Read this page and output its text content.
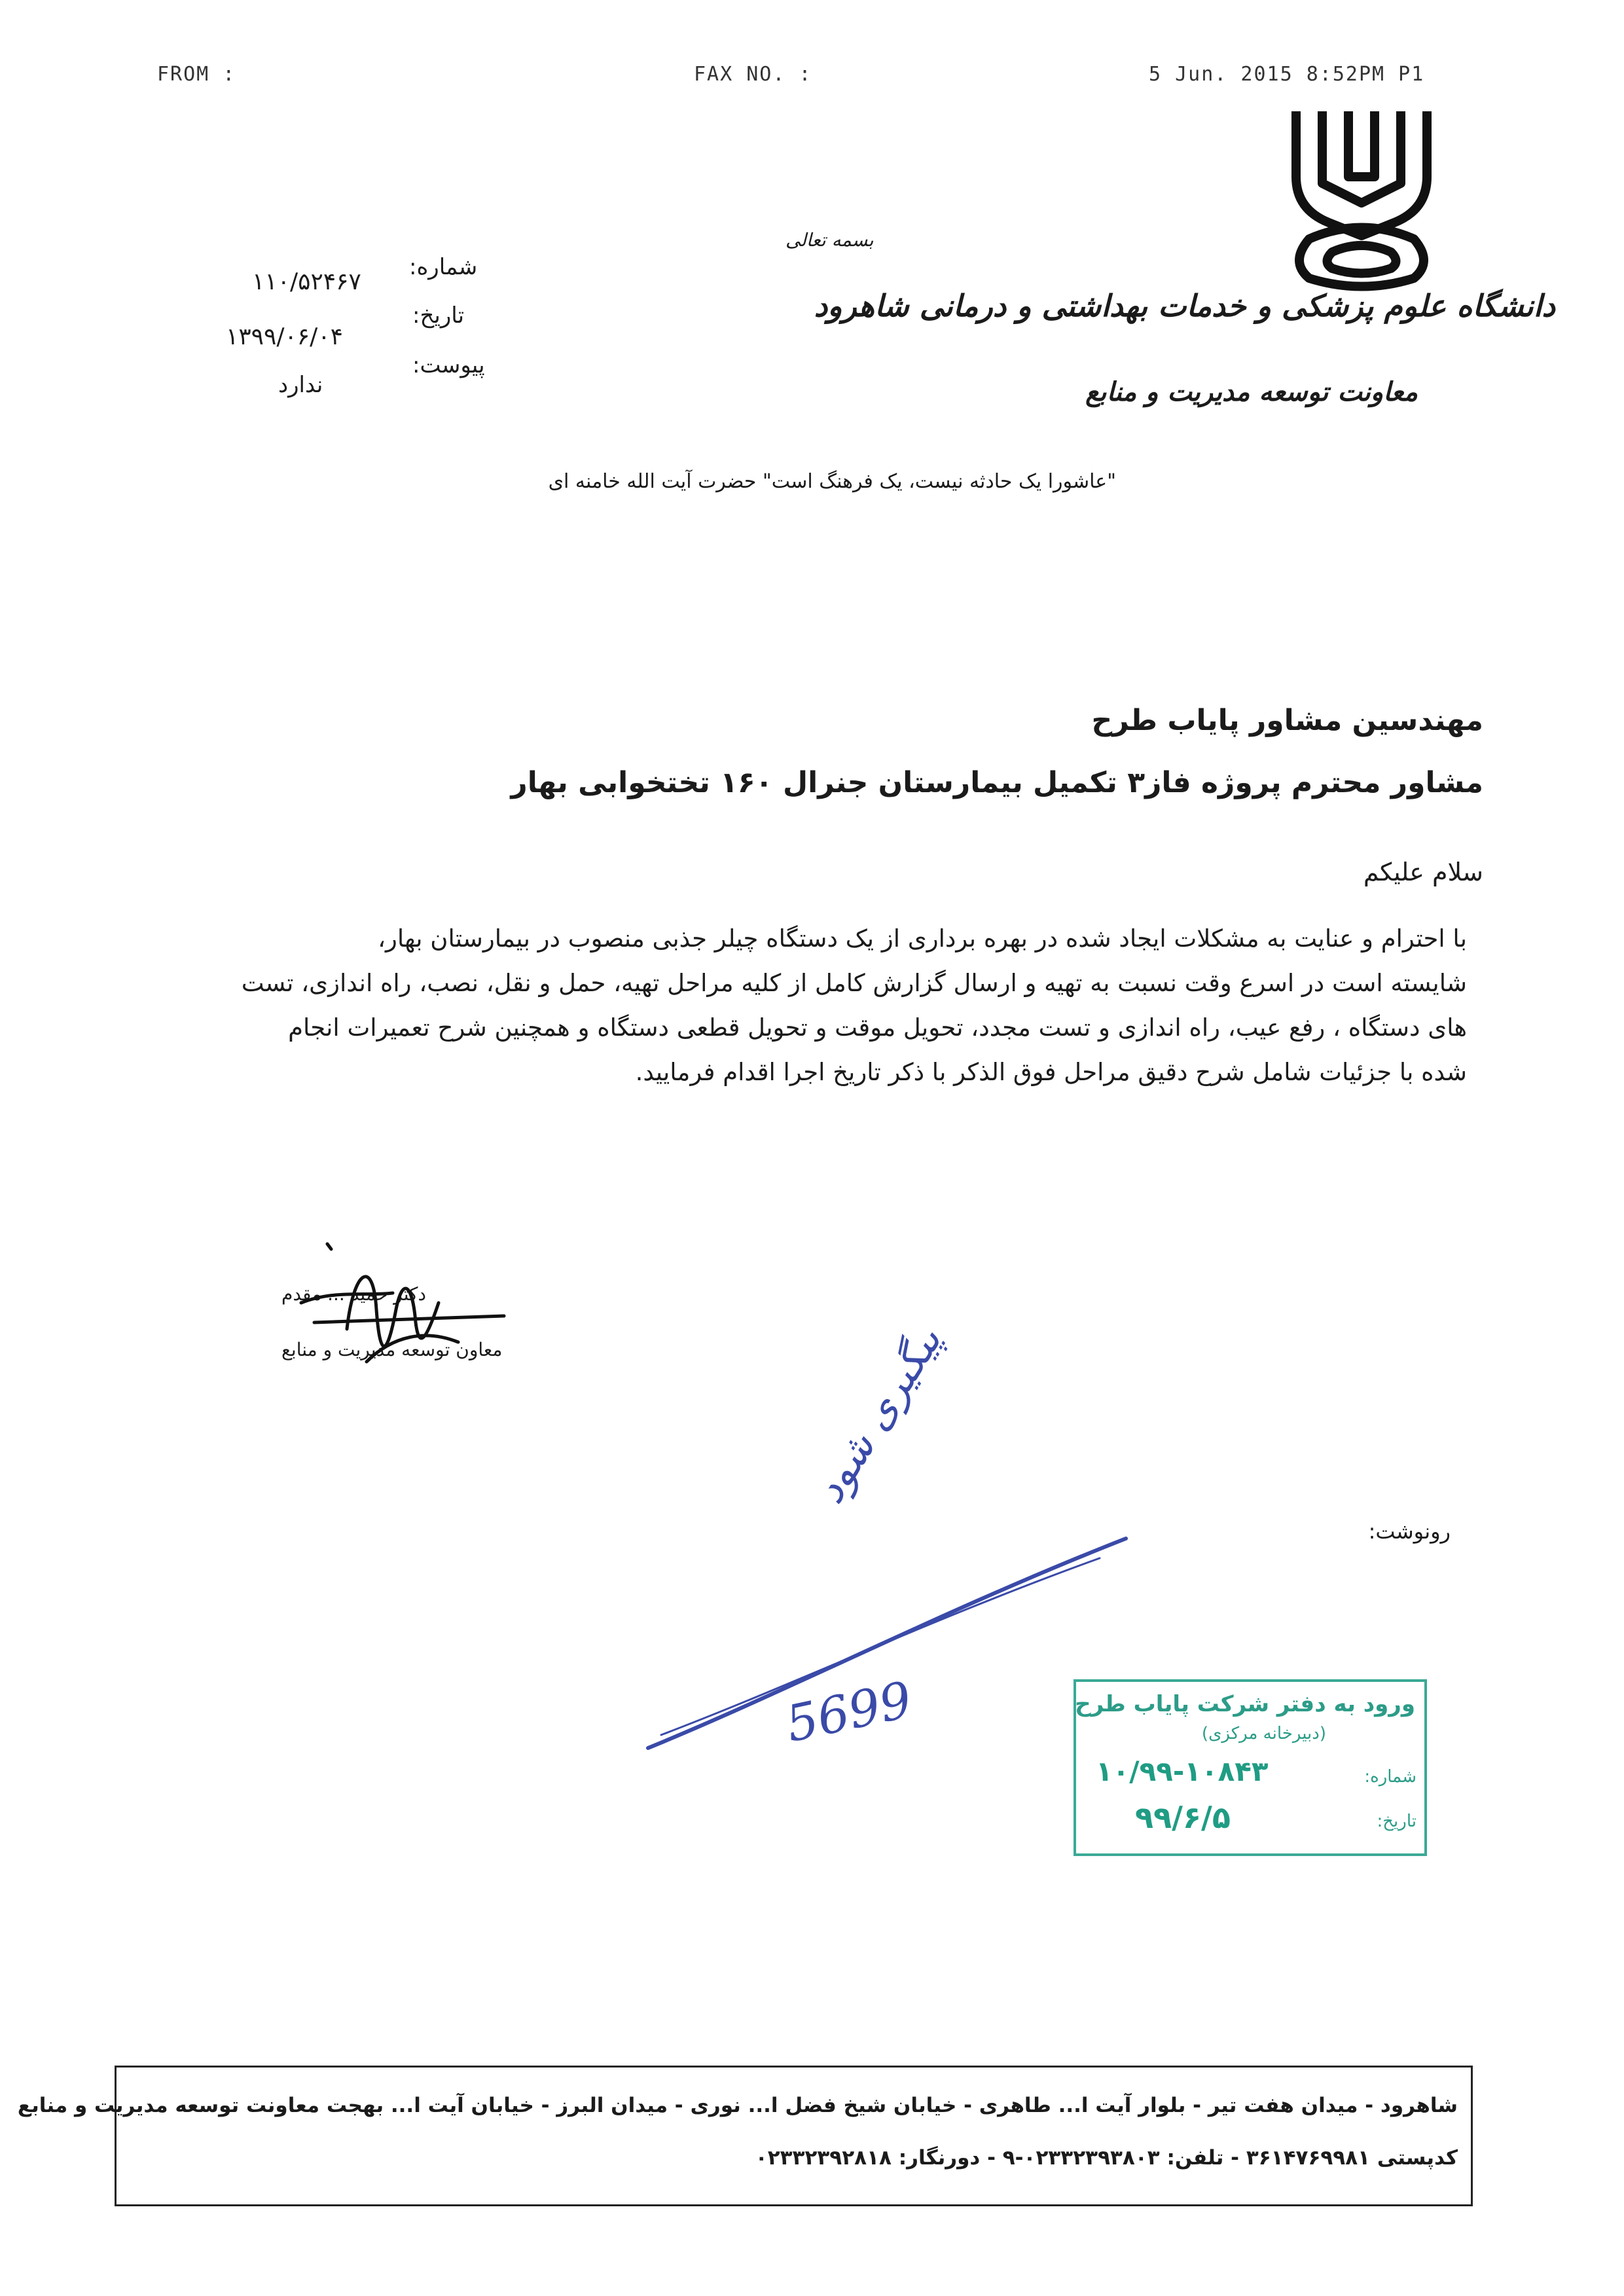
FROM :	FAX NO. :	5 Jun. 2015 8:52PM P1
دانشگاه علوم پزشکی و خدمات بهداشتی و درمانی شاهرود
معاونت توسعه مدیریت و منابع
بسمه تعالی
شماره:
۱۱۰/۵۲۴۶۷
تاریخ:
۱۳۹۹/۰۶/۰۴
پیوست:
ندارد
"عاشورا یک حادثه نیست، یک فرهنگ است" حضرت آیت الله خامنه ای
مهندسین مشاور پایاب طرح
مشاور محترم پروژه فاز۳ تکمیل بیمارستان جنرال ۱۶۰ تختخوابی بهار
سلام علیکم
با احترام و عنایت به مشکلات ایجاد شده در بهره برداری از یک دستگاه چیلر جذبی منصوب در بیمارستان بهار،
شایسته است در اسرع وقت نسبت به تهیه و ارسال گزارش کامل از کلیه مراحل تهیه، حمل و نقل، نصب، راه اندازی، تست
های دستگاه ، رفع عیب، راه اندازی و تست مجدد، تحویل موقت و تحویل قطعی دستگاه و همچنین شرح تعمیرات انجام
شده با جزئیات شامل شرح دقیق مراحل فوق الذکر با ذکر تاریخ اجرا اقدام فرمایید.
دکتر حمید ... مقدم
معاون توسعه مدیریت و منابع
رونوشت:
پیگیری شود
5699	ورود به دفتر شرکت پایاب طرح
(دبیرخانه مرکزی)
شماره:
۱۰/۹۹-۱۰۸۴۳
تاریخ:
۹۹/۶/۵
شاهرود - میدان هفت تیر - بلوار آیت ا... طاهری - خیابان شیخ فضل ا... نوری - میدان البرز - خیابان آیت ا... بهجت معاونت توسعه مدیریت و منابع
کدپستی ۳۶۱۴۷۶۹۹۸۱ - تلفن: ۰۲۳۳۲۳۹۳۸۰۳-۹ - دورنگار: ۰۲۳۳۲۳۹۲۸۱۸
